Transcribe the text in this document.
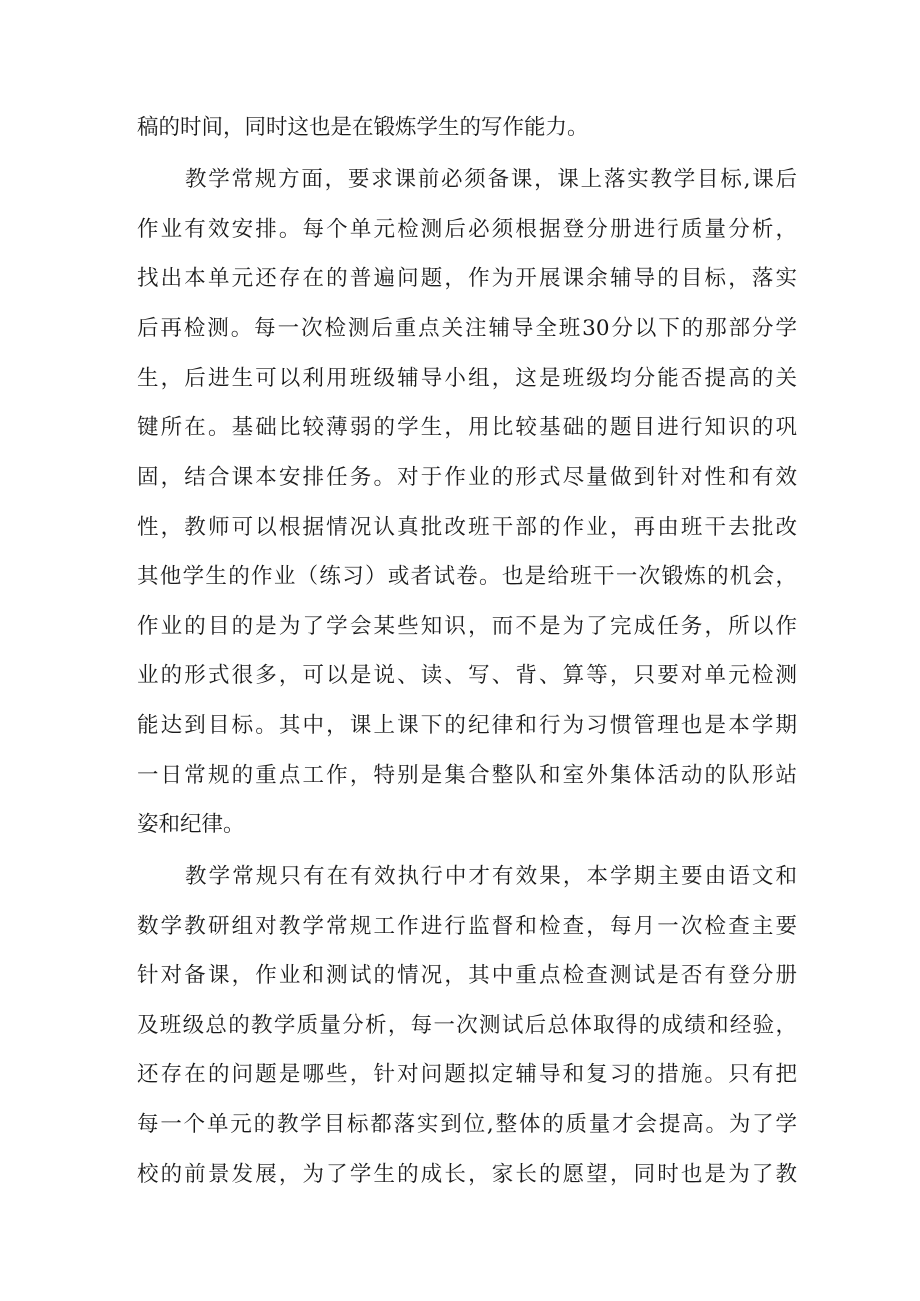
稿的时间，同时这也是在锻炼学生的写作能力。
教学常规方面，要求课前必须备课，课上落实教学目标,课后
作业有效安排。每个单元检测后必须根据登分册进行质量分析，
找出本单元还存在的普遍问题，作为开展课余辅导的目标，落实
后再检测。每一次检测后重点关注辅导全班30分以下的那部分学
生，后进生可以利用班级辅导小组，这是班级均分能否提高的关
键所在。基础比较薄弱的学生，用比较基础的题目进行知识的巩
固，结合课本安排任务。对于作业的形式尽量做到针对性和有效
性，教师可以根据情况认真批改班干部的作业，再由班干去批改
其他学生的作业（练习）或者试卷。也是给班干一次锻炼的机会，
作业的目的是为了学会某些知识，而不是为了完成任务，所以作
业的形式很多，可以是说、读、写、背、算等，只要对单元检测
能达到目标。其中，课上课下的纪律和行为习惯管理也是本学期
一日常规的重点工作，特别是集合整队和室外集体活动的队形站
姿和纪律。
教学常规只有在有效执行中才有效果，本学期主要由语文和
数学教研组对教学常规工作进行监督和检查，每月一次检查主要
针对备课，作业和测试的情况，其中重点检查测试是否有登分册
及班级总的教学质量分析，每一次测试后总体取得的成绩和经验，
还存在的问题是哪些，针对问题拟定辅导和复习的措施。只有把
每一个单元的教学目标都落实到位,整体的质量才会提高。为了学
校的前景发展，为了学生的成长，家长的愿望，同时也是为了教
